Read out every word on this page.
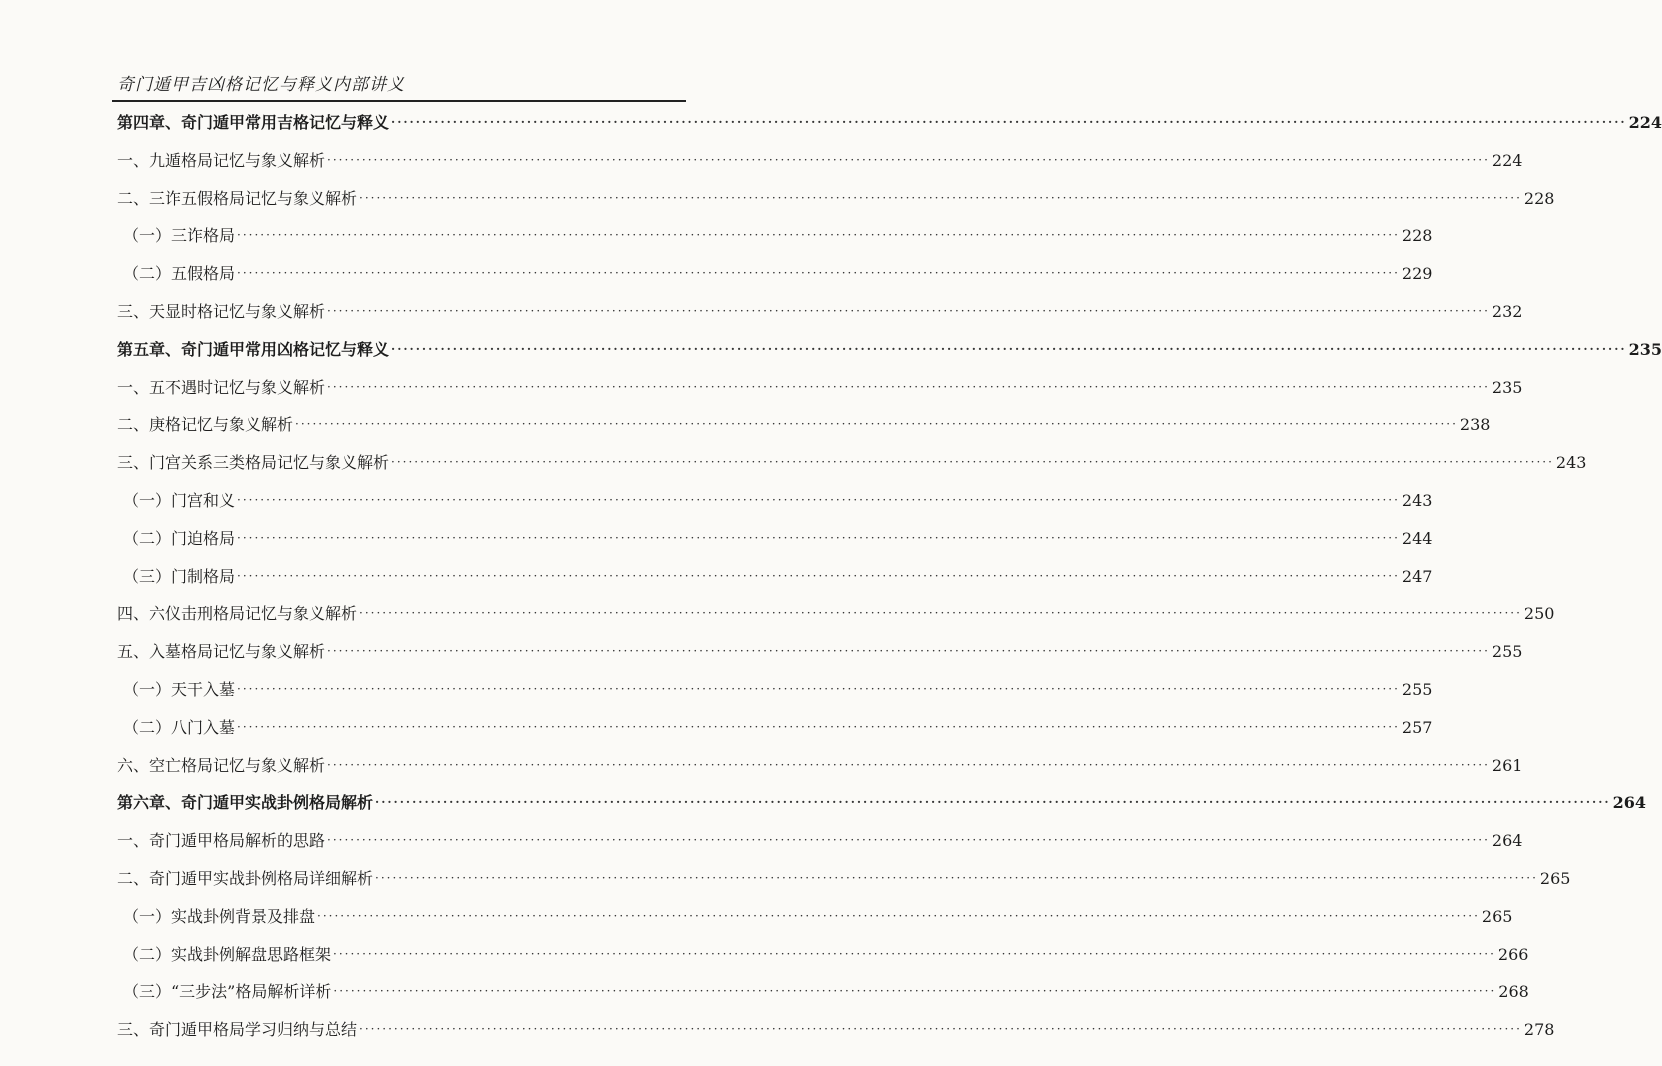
奇门遁甲吉凶格记忆与释义内部讲义
第四章、奇门遁甲常用吉格记忆与释义 ········································································································································································································ 224
一、九遁格局记忆与象义解析 ········································································································································································································ 224
二、三诈五假格局记忆与象义解析 ········································································································································································································ 228
（一）三诈格局 ········································································································································································································ 228
（二）五假格局 ········································································································································································································ 229
三、天显时格记忆与象义解析 ········································································································································································································ 232
第五章、奇门遁甲常用凶格记忆与释义 ········································································································································································································ 235
一、五不遇时记忆与象义解析 ········································································································································································································ 235
二、庚格记忆与象义解析 ········································································································································································································ 238
三、门宫关系三类格局记忆与象义解析 ········································································································································································································ 243
（一）门宫和义 ········································································································································································································ 243
（二）门迫格局 ········································································································································································································ 244
（三）门制格局 ········································································································································································································ 247
四、六仪击刑格局记忆与象义解析 ········································································································································································································ 250
五、入墓格局记忆与象义解析 ········································································································································································································ 255
（一）天干入墓 ········································································································································································································ 255
（二）八门入墓 ········································································································································································································ 257
六、空亡格局记忆与象义解析 ········································································································································································································ 261
第六章、奇门遁甲实战卦例格局解析 ········································································································································································································ 264
一、奇门遁甲格局解析的思路 ········································································································································································································ 264
二、奇门遁甲实战卦例格局详细解析 ········································································································································································································ 265
（一）实战卦例背景及排盘 ········································································································································································································ 265
（二）实战卦例解盘思路框架 ········································································································································································································ 266
（三）“三步法”格局解析详析 ········································································································································································································ 268
三、奇门遁甲格局学习归纳与总结 ········································································································································································································ 278
